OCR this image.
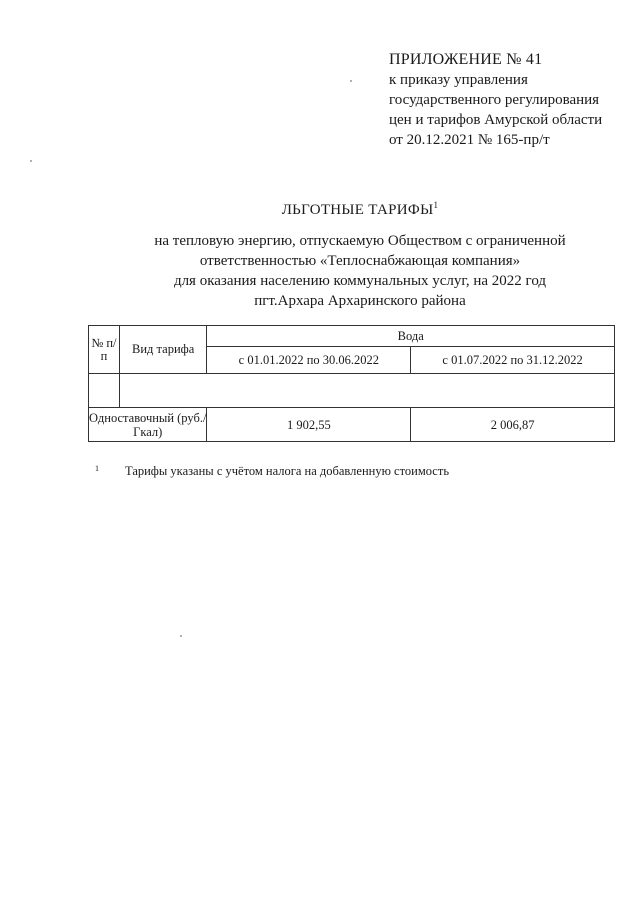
ПРИЛОЖЕНИЕ № 41
к приказу управления
государственного регулирования
цен и тарифов Амурской области
от 20.12.2021 № 165-пр/т
ЛЬГОТНЫЕ ТАРИФЫ$^1$
на тепловую энергию, отпускаемую Обществом с ограниченной
ответственностью «Теплоснабжающая компания»
для оказания населению коммунальных услуг, на 2022 год
пгт.Архара Архаринского района
№ п/п	Вид тарифа	Вода	
		с 01.01.2022 по 30.06.2022	с 01.07.2022 по 31.12.2022

Одноставочный (руб./Гкал)		1 902,55	2 006,87
1 Тарифы указаны с учётом налога на добавленную стоимость
